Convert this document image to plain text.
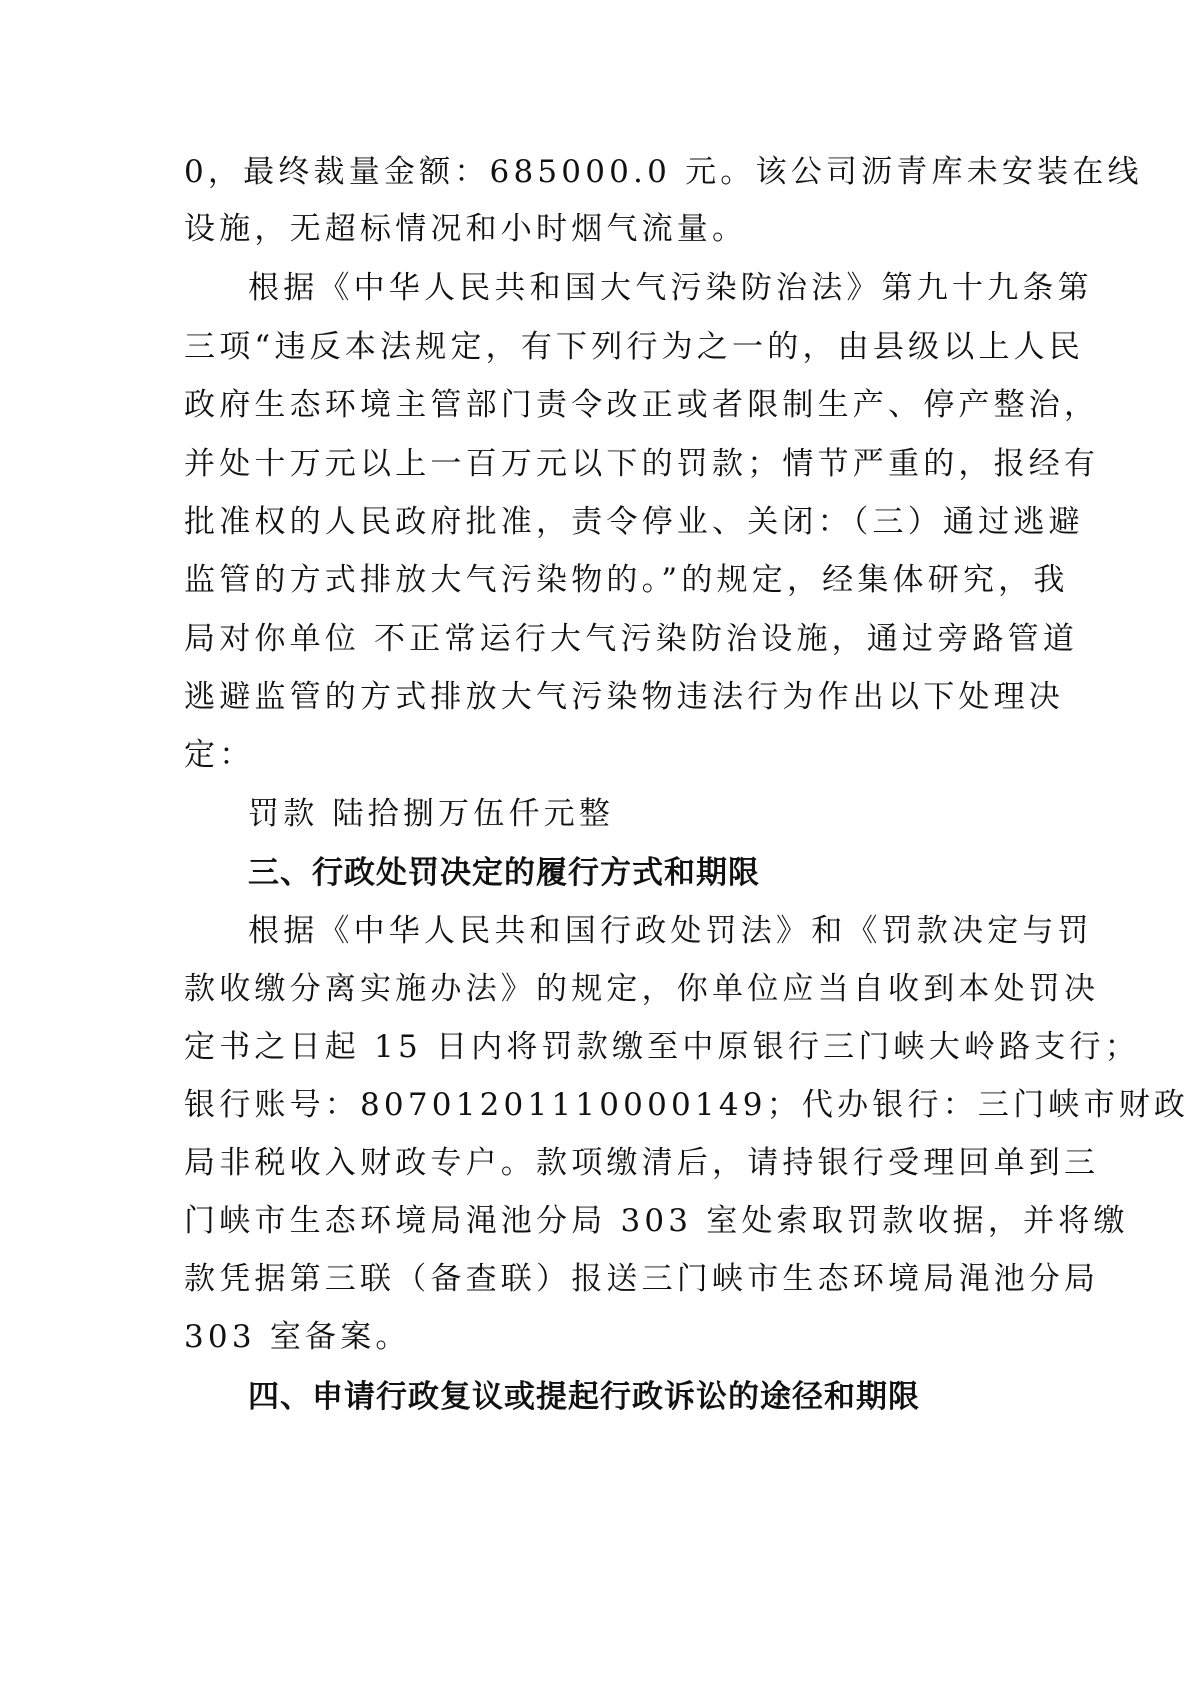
0，最终裁量金额：685000.0 元。该公司沥青库未安装在线
设施，无超标情况和小时烟气流量。
根据《中华人民共和国大气污染防治法》第九十九条第
三项“违反本法规定，有下列行为之一的，由县级以上人民
政府生态环境主管部门责令改正或者限制生产、停产整治，
并处十万元以上一百万元以下的罚款；情节严重的，报经有
批准权的人民政府批准，责令停业、关闭：（三）通过逃避
监管的方式排放大气污染物的。”的规定，经集体研究，我
局对你单位 不正常运行大气污染防治设施，通过旁路管道
逃避监管的方式排放大气污染物违法行为作出以下处理决
定：
罚款 陆拾捌万伍仟元整
三、行政处罚决定的履行方式和期限
根据《中华人民共和国行政处罚法》和《罚款决定与罚
款收缴分离实施办法》的规定，你单位应当自收到本处罚决
定书之日起 15 日内将罚款缴至中原银行三门峡大岭路支行；
银行账号：80701201110000149；代办银行：三门峡市财政
局非税收入财政专户。款项缴清后，请持银行受理回单到三
门峡市生态环境局渑池分局 303 室处索取罚款收据，并将缴
款凭据第三联（备查联）报送三门峡市生态环境局渑池分局
303 室备案。
四、申请行政复议或提起行政诉讼的途径和期限
